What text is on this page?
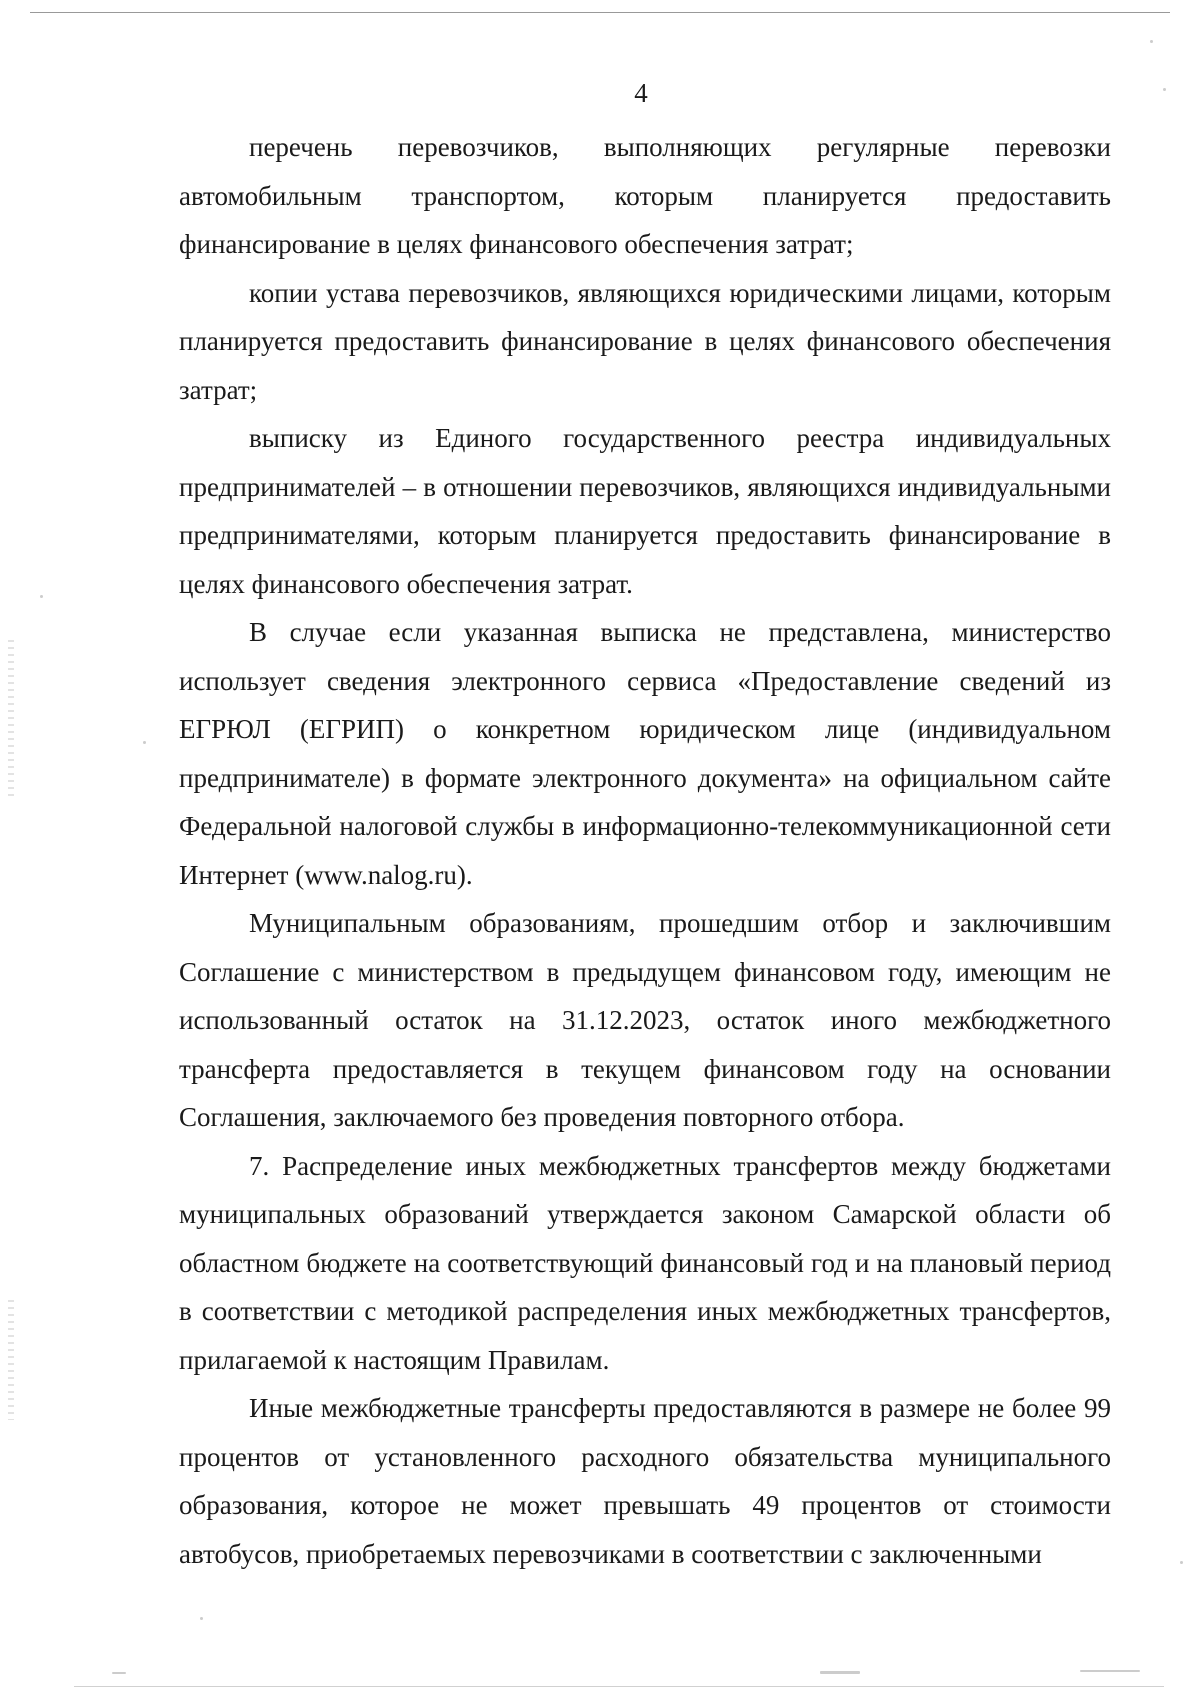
4

перечень перевозчиков, выполняющих регулярные перевозки автомобильным транспортом, которым планируется предоставить финансирование в целях финансового обеспечения затрат;

копии устава перевозчиков, являющихся юридическими лицами, которым планируется предоставить финансирование в целях финансового обеспечения затрат;

выписку из Единого государственного реестра индивидуальных предпринимателей – в отношении перевозчиков, являющихся индивидуальными предпринимателями, которым планируется предоставить финансирование в целях финансового обеспечения затрат.

В случае если указанная выписка не представлена, министерство использует сведения электронного сервиса «Предоставление сведений из ЕГРЮЛ (ЕГРИП) о конкретном юридическом лице (индивидуальном предпринимателе) в формате электронного документа» на официальном сайте Федеральной налоговой службы в информационно-телекоммуникационной сети Интернет (www.nalog.ru).

Муниципальным образованиям, прошедшим отбор и заключившим Соглашение с министерством в предыдущем финансовом году, имеющим не использованный остаток на 31.12.2023, остаток иного межбюджетного трансферта предоставляется в текущем финансовом году на основании Соглашения, заключаемого без проведения повторного отбора.

7. Распределение иных межбюджетных трансфертов между бюджетами муниципальных образований утверждается законом Самарской области об областном бюджете на соответствующий финансовый год и на плановый период в соответствии с методикой распределения иных межбюджетных трансфертов, прилагаемой к настоящим Правилам.

Иные межбюджетные трансферты предоставляются в размере не более 99 процентов от установленного расходного обязательства муниципального образования, которое не может превышать 49 процентов от стоимости автобусов, приобретаемых перевозчиками в соответствии с заключенными
